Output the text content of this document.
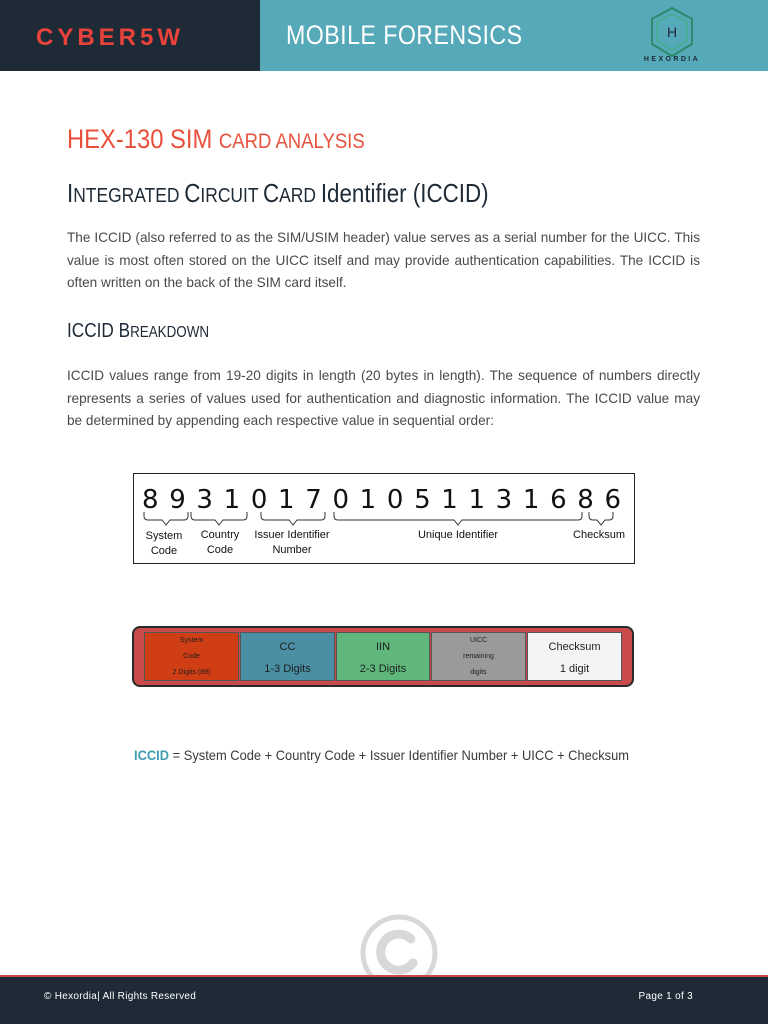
CYBER5W	MOBILE FORENSICS	H
HEXORDIA
HEX-130 SIM CARD ANALYSIS
INTEGRATED CIRCUIT CARD Identifier (ICCID)
The ICCID (also referred to as the SIM/USIM header) value serves as a serial number for the UICC. This value is most often stored on the UICC itself and may provide authentication capabilities. The ICCID is often written on the back of the SIM card itself.
ICCID BREAKDOWN
ICCID values range from 19-20 digits in length (20 bytes in length). The sequence of numbers directly represents a series of values used for authentication and diagnostic information. The ICCID value may be determined by appending each respective value in sequential order:
8 9 3 1 0 1 7 0 1 0 5 1 1 3 1 6 8 6 0 1
System
Code
Country
Code
Issuer Identifier
Number
Unique Identifier	Checksum
System
Code
2 Digits (89)
CC
1-3 Digits
IIN
2-3 Digits
UICC
remaining
digits
Checksum
1 digit
ICCID = System Code + Country Code + Issuer Identifier Number + UICC + Checksum
© Hexordia| All Rights Reserved	Page 1 of 3
